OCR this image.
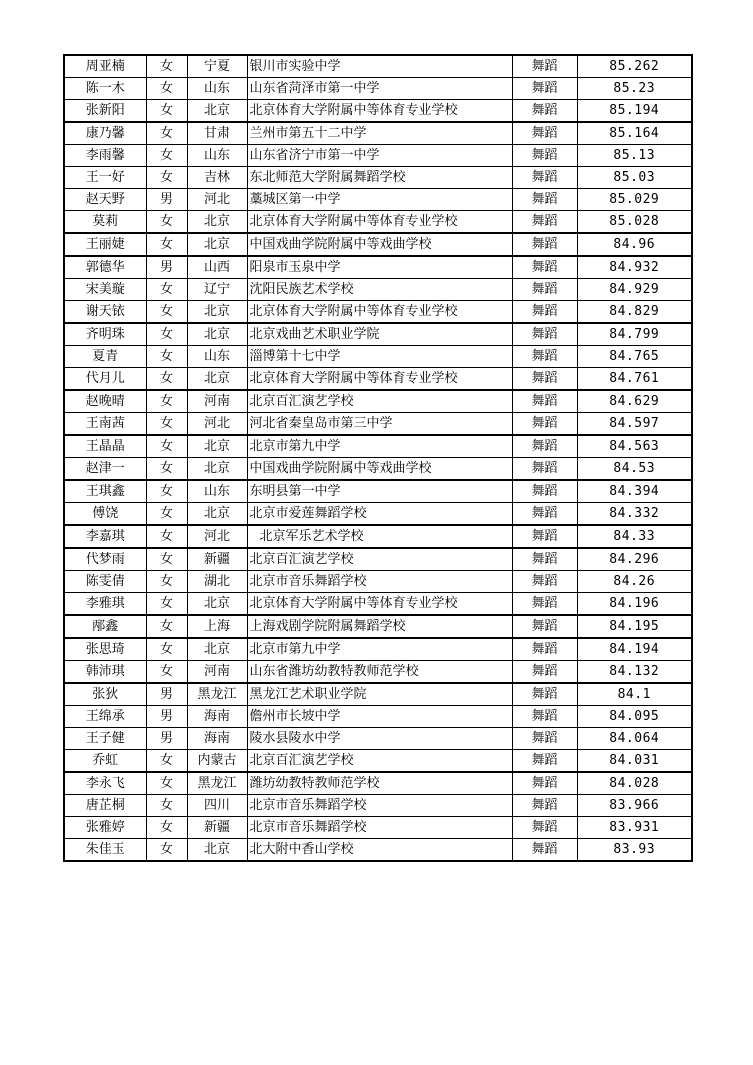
周亚楠	女	宁夏	银川市实验中学	舞蹈	85.262
陈一木	女	山东	山东省菏泽市第一中学	舞蹈	85.23
张新阳	女	北京	北京体育大学附属中等体育专业学校	舞蹈	85.194
康乃馨	女	甘肃	兰州市第五十二中学	舞蹈	85.164
李雨馨	女	山东	山东省济宁市第一中学	舞蹈	85.13
王一好	女	吉林	东北师范大学附属舞蹈学校	舞蹈	85.03
赵天野	男	河北	藁城区第一中学	舞蹈	85.029
莫莉	女	北京	北京体育大学附属中等体育专业学校	舞蹈	85.028
王丽婕	女	北京	中国戏曲学院附属中等戏曲学校	舞蹈	84.96
郭德华	男	山西	阳泉市玉泉中学	舞蹈	84.932
宋美璇	女	辽宁	沈阳民族艺术学校	舞蹈	84.929
谢天铱	女	北京	北京体育大学附属中等体育专业学校	舞蹈	84.829
齐明珠	女	北京	北京戏曲艺术职业学院	舞蹈	84.799
夏青	女	山东	淄博第十七中学	舞蹈	84.765
代月儿	女	北京	北京体育大学附属中等体育专业学校	舞蹈	84.761
赵晚晴	女	河南	北京百汇演艺学校	舞蹈	84.629
王南茜	女	河北	河北省秦皇岛市第三中学	舞蹈	84.597
王晶晶	女	北京	北京市第九中学	舞蹈	84.563
赵津一	女	北京	中国戏曲学院附属中等戏曲学校	舞蹈	84.53
王琪鑫	女	山东	东明县第一中学	舞蹈	84.394
傅饶	女	北京	北京市爱莲舞蹈学校	舞蹈	84.332
李嘉琪	女	河北	北京军乐艺术学校	舞蹈	84.33
代梦雨	女	新疆	北京百汇演艺学校	舞蹈	84.296
陈雯倩	女	湖北	北京市音乐舞蹈学校	舞蹈	84.26
李雅琪	女	北京	北京体育大学附属中等体育专业学校	舞蹈	84.196
邴鑫	女	上海	上海戏剧学院附属舞蹈学校	舞蹈	84.195
张思琦	女	北京	北京市第九中学	舞蹈	84.194
韩沛琪	女	河南	山东省潍坊幼教特教师范学校	舞蹈	84.132
张狄	男	黑龙江	黑龙江艺术职业学院	舞蹈	84.1
王绵承	男	海南	儋州市长坡中学	舞蹈	84.095
王子健	男	海南	陵水县陵水中学	舞蹈	84.064
乔虹	女	内蒙古	北京百汇演艺学校	舞蹈	84.031
李永飞	女	黑龙江	潍坊幼教特教师范学校	舞蹈	84.028
唐芷桐	女	四川	北京市音乐舞蹈学校	舞蹈	83.966
张雅婷	女	新疆	北京市音乐舞蹈学校	舞蹈	83.931
朱佳玉	女	北京	北大附中香山学校	舞蹈	83.93
